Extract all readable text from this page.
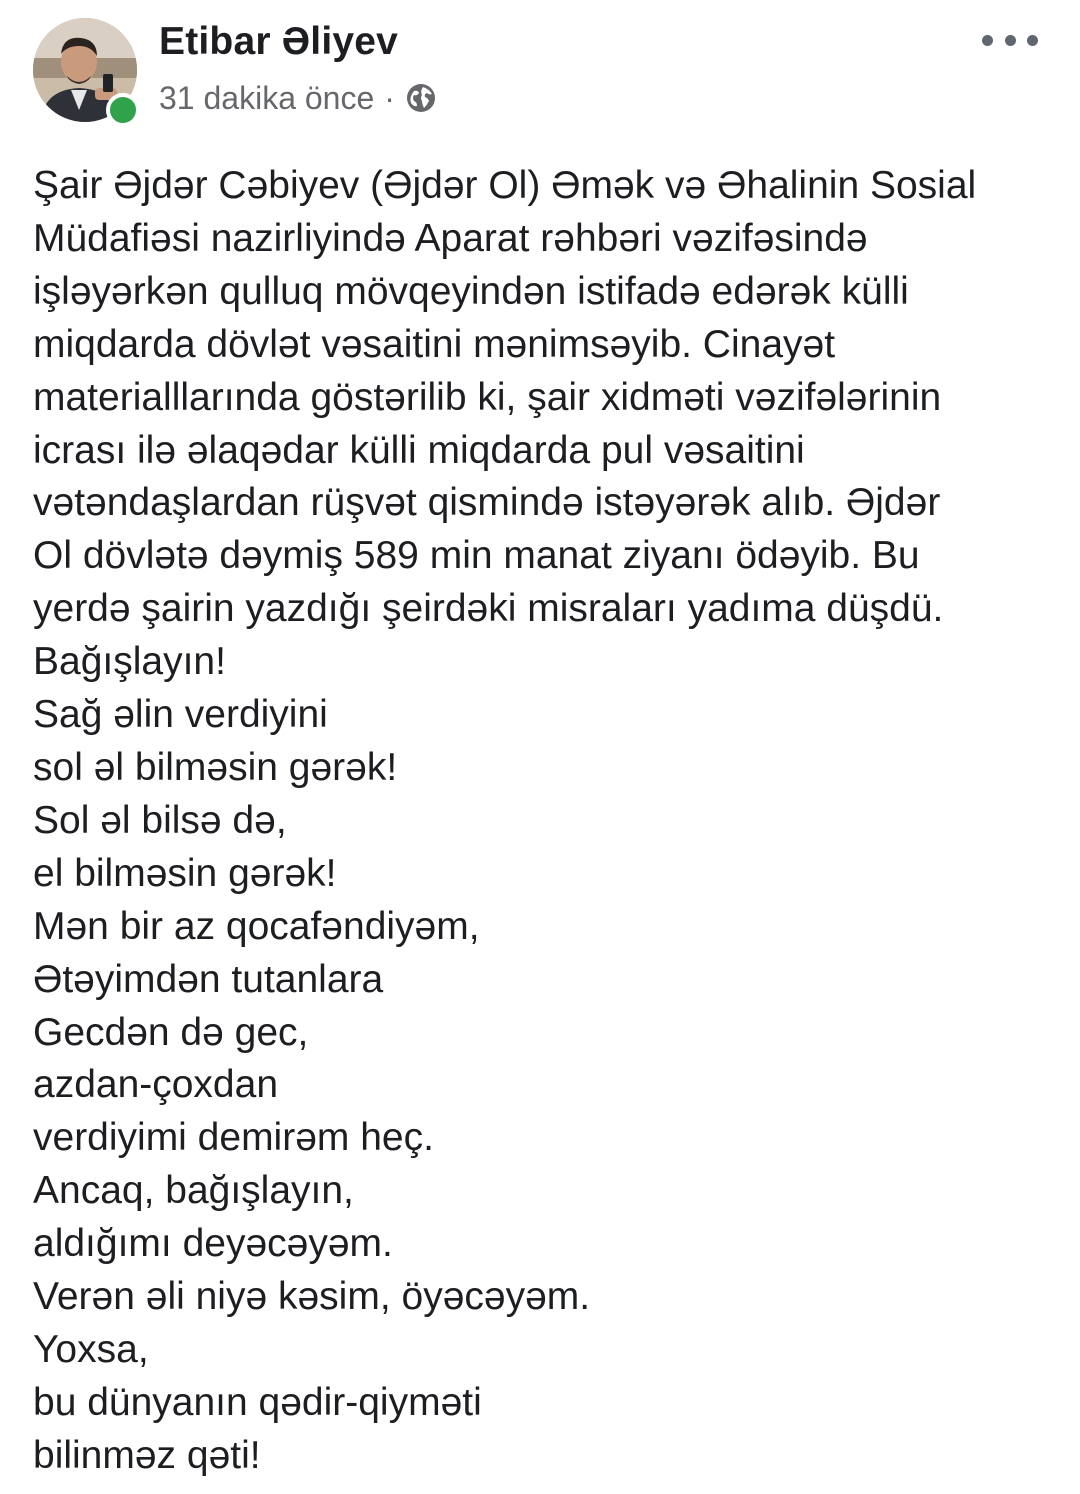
Etibar Əliyev
31 dakika önce ·

Şair Əjdər Cəbiyev (Əjdər Ol) Əmək və Əhalinin Sosial

Müdafiəsi nazirliyində Aparat rəhbəri vəzifəsində

işləyərkən qulluq mövqeyindən istifadə edərək külli

miqdarda dövlət vəsaitini mənimsəyib. Cinayət

materialllarında göstərilib ki, şair xidməti vəzifələrinin

icrası ilə əlaqədar külli miqdarda pul vəsaitini

vətəndaşlardan rüşvət qismində istəyərək alıb. Əjdər

Ol dövlətə dəymiş 589 min manat ziyanı ödəyib. Bu

yerdə şairin yazdığı şeirdəki misraları yadıma düşdü.

Bağışlayın!

Sağ əlin verdiyini

sol əl bilməsin gərək!

Sol əl bilsə də,

el bilməsin gərək!

Mən bir az qocafəndiyəm,

Ətəyimdən tutanlara

Gecdən də gec,

azdan-çoxdan

verdiyimi demirəm heç.

Ancaq, bağışlayın,

aldığımı deyəcəyəm.

Verən əli niyə kəsim, öyəcəyəm.

Yoxsa,

bu dünyanın qədir-qiyməti

bilinməz qəti!
